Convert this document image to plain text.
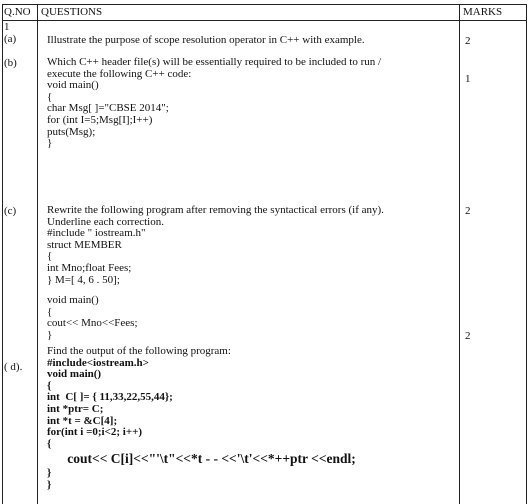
Q.NO QUESTIONS	MARKS
1
(a)
(b)
(c)
( d).
2
1
2
2
Illustrate the purpose of scope resolution operator in C++ with example.
Which C++ header file(s) will be essentially required to be included to run /
execute the following C++ code:
void main()
{
char Msg[ ]="CBSE 2014";
for (int I=5;Msg[I];I++)
puts(Msg);
}
Rewrite the following program after removing the syntactical errors (if any).
Underline each correction.
#include " iostream.h"
struct MEMBER
{
int Mno;float Fees;
} M=[ 4, 6 . 50];
void main()
{
cout<< Mno<<Fees;
}
Find the output of the following program:
#include<iostream.h>
void main()
{
int  C[ ]= { 11,33,22,55,44};
int *ptr= C;
int *t = &C[4];
for(int i =0;i<2; i++)
{
cout<< C[i]<<"'\t"<<*t - - <<'\t'<<*++ptr <<endl;
}
}
